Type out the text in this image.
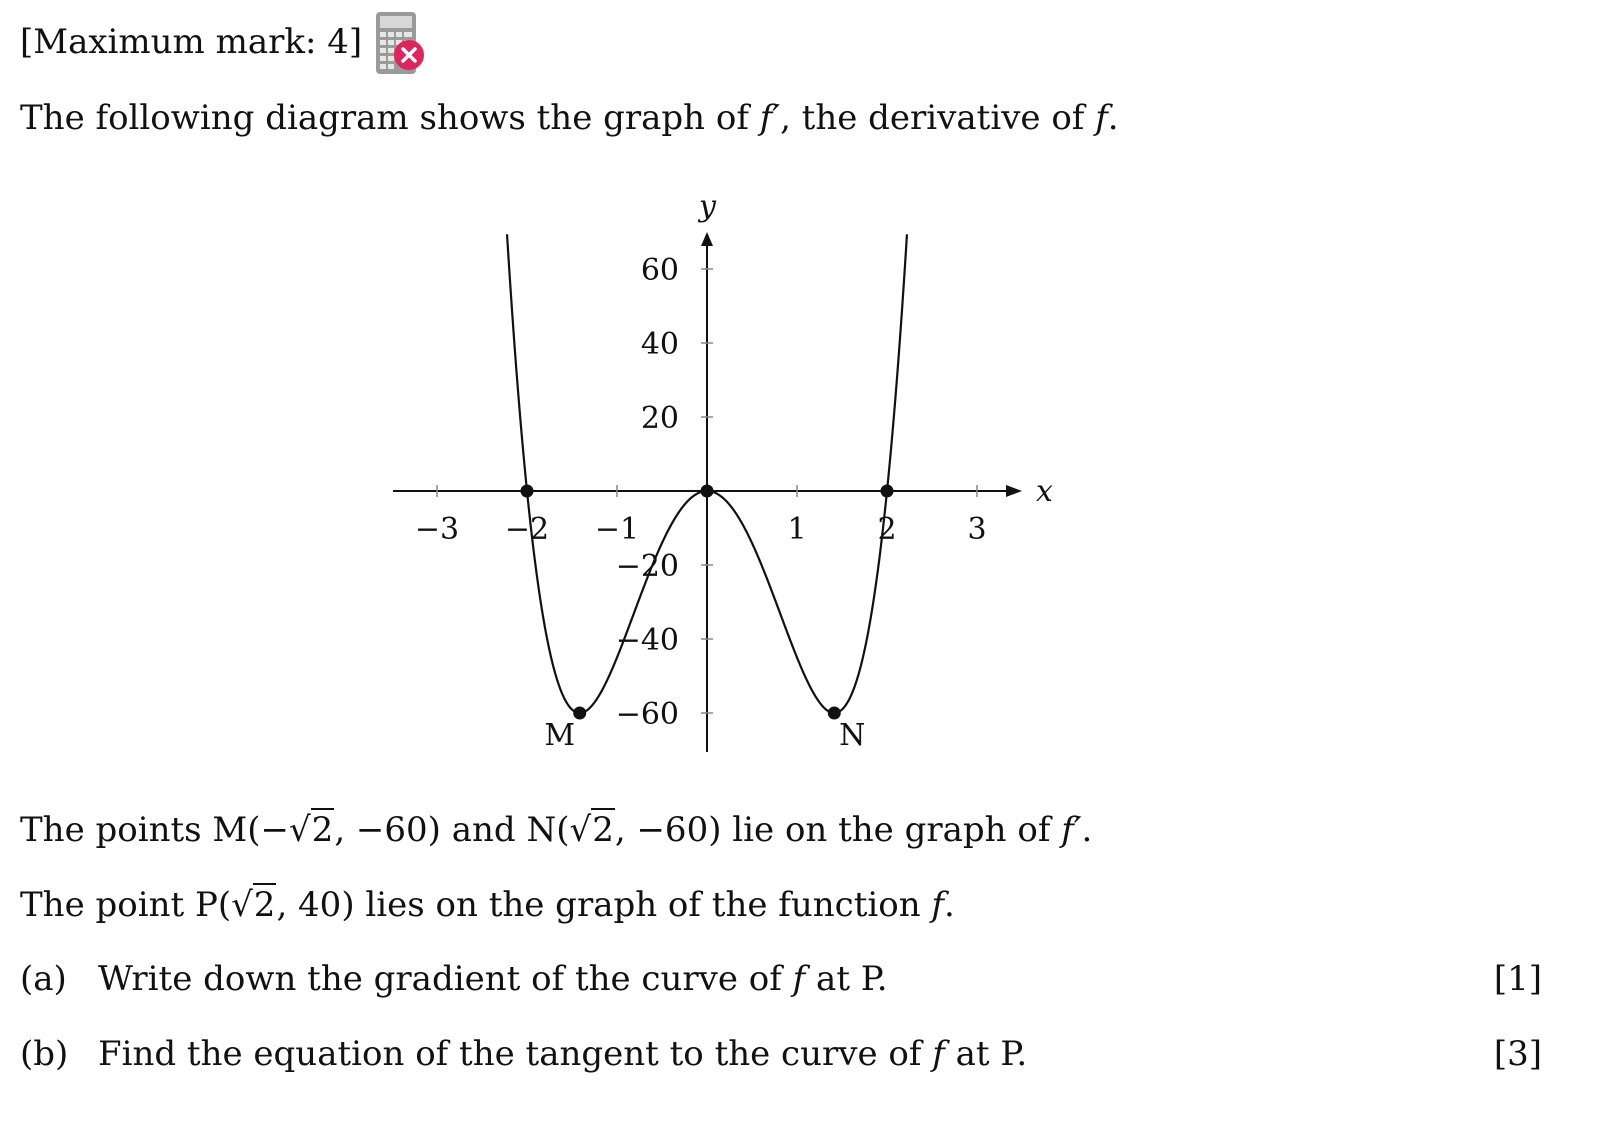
[Maximum mark: 4]
The following diagram shows the graph of f′, the derivative of f.
x
y
−3 −2 −1	1 2 3
60
40
20
−20
−40
−60
M	N
The points M(−√2, −60) and N(√2, −60) lie on the graph of f′.
The point P(√2, 40) lies on the graph of the function f.
(a) Write down the gradient of the curve of f at P.	[1]
(b) Find the equation of the tangent to the curve of f at P.	[3]
